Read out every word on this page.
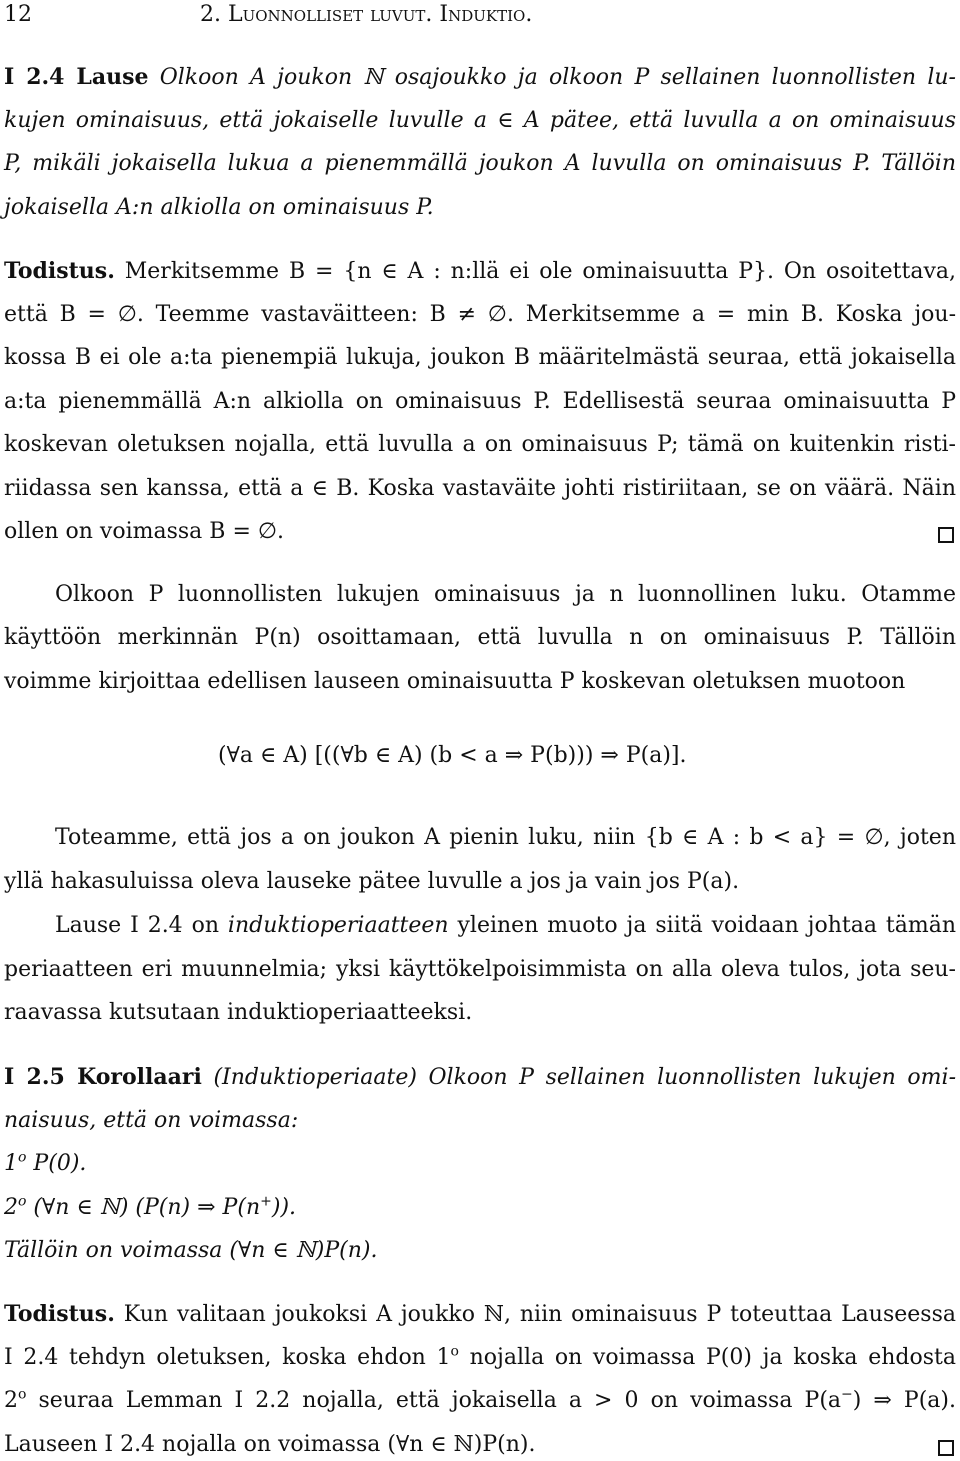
12	2. Luonnolliset luvut. Induktio.
I 2.4 Lause Olkoon A joukon ℕ osajoukko ja olkoon P sellainen luonnollisten lu-
kujen ominaisuus, että jokaiselle luvulle a ∈ A pätee, että luvulla a on ominaisuus
P, mikäli jokaisella lukua a pienemmällä joukon A luvulla on ominaisuus P. Tällöin
jokaisella A:n alkiolla on ominaisuus P.
Todistus. Merkitsemme B = {n ∈ A : n:llä ei ole ominaisuutta P}. On osoitettava,
että B = ∅. Teemme vastaväitteen: B ≠ ∅. Merkitsemme a = min B. Koska jou-
kossa B ei ole a:ta pienempiä lukuja, joukon B määritelmästä seuraa, että jokaisella
a:ta pienemmällä A:n alkiolla on ominaisuus P. Edellisestä seuraa ominaisuutta P
koskevan oletuksen nojalla, että luvulla a on ominaisuus P; tämä on kuitenkin risti-
riidassa sen kanssa, että a ∈ B. Koska vastaväite johti ristiriitaan, se on väärä. Näin
ollen on voimassa B = ∅.
Olkoon P luonnollisten lukujen ominaisuus ja n luonnollinen luku. Otamme
käyttöön merkinnän P(n) osoittamaan, että luvulla n on ominaisuus P. Tällöin
voimme kirjoittaa edellisen lauseen ominaisuutta P koskevan oletuksen muotoon
(∀a ∈ A) [((∀b ∈ A) (b < a ⇒ P(b))) ⇒ P(a)].
Toteamme, että jos a on joukon A pienin luku, niin {b ∈ A : b < a} = ∅, joten
yllä hakasuluissa oleva lauseke pätee luvulle a jos ja vain jos P(a).
Lause I 2.4 on induktioperiaatteen yleinen muoto ja siitä voidaan johtaa tämän
periaatteen eri muunnelmia; yksi käyttökelpoisimmista on alla oleva tulos, jota seu-
raavassa kutsutaan induktioperiaatteeksi.
I 2.5 Korollaari (Induktioperiaate) Olkoon P sellainen luonnollisten lukujen omi-
naisuus, että on voimassa:
1$^o$ P(0).
2$^o$ (∀n ∈ ℕ) (P(n) ⇒ P(n+)).
Tällöin on voimassa (∀n ∈ ℕ)P(n).
Todistus. Kun valitaan joukoksi A joukko ℕ, niin ominaisuus P toteuttaa Lauseessa
I 2.4 tehdyn oletuksen, koska ehdon 1$^o$ nojalla on voimassa P(0) ja koska ehdosta
2$^o$ seuraa Lemman I 2.2 nojalla, että jokaisella a > 0 on voimassa P(a−) ⇒ P(a).
Lauseen I 2.4 nojalla on voimassa (∀n ∈ ℕ)P(n).
